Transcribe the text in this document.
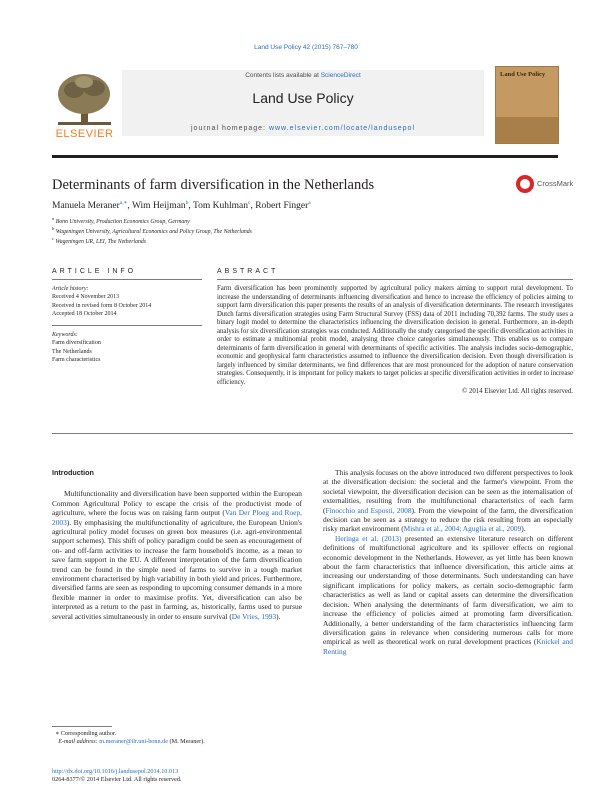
Land Use Policy 42 (2015) 767–780
ELSEVIER
Contents lists available at ScienceDirect
Land Use Policy
journal homepage: www.elsevier.com/locate/landusepol
Land Use Policy
Determinants of farm diversification in the Netherlands	CrossMark
Manuela Meraner$^{a,∗}$, Wim Heijman$^b$, Tom Kuhlman$^c$, Robert Finger$^a$
$^a$ Bonn University, Production Economics Group, Germany
$^b$ Wageningen University, Agricultural Economics and Policy Group, The Netherlands
$^c$ Wageningen UR, LEI, The Netherlands
ARTICLE INFO	ABSTRACT
Article history:
Received 4 November 2013
Received in revised form 8 October 2014
Accepted 18 October 2014
Keywords:
Farm diversification
The Netherlands
Farm characteristics
Farm diversification has been prominently supported by agricultural policy makers aiming to support rural development. To increase the understanding of determinants influencing diversification and hence to increase the efficiency of policies aiming to support farm diversification this paper presents the results of an analysis of diversification determinants. The research investigates Dutch farms diversification strategies using Farm Structural Survey (FSS) data of 2011 including 70,392 farms. The study uses a binary logit model to determine the characteristics influencing the diversification decision in general. Furthermore, an in-depth analysis for six diversification strategies was conducted. Additionally the study categorised the specific diversification activities in order to estimate a multinomial probit model, analysing three choice categories simultaneously. This enables us to compare determinants of farm diversification in general with determinants of specific activities. The analysis includes socio-demographic, economic and geophysical farm characteristics assumed to influence the diversification decision. Even though diversification is largely influenced by similar determinants, we find differences that are most pronounced for the adoption of nature conservation strategies. Consequently, it is important for policy makers to target policies at specific diversification activities in order to increase efficiency.
© 2014 Elsevier Ltd. All rights reserved.

Introduction

Multifunctionality and diversification have been supported within the European Common Agricultural Policy to escape the crisis of the productivist mode of agriculture, where the focus was on raising farm output (Van Der Ploeg and Roep, 2003). By emphasising the multifunctionality of agriculture, the European Union's agricultural policy model focuses on green box measures (i.e. agri-environmental support schemes). This shift of policy paradigm could be seen as encouragement of on- and off-farm activities to increase the farm household's income, as a mean to save farm support in the EU. A different interpretation of the farm diversification trend can be found in the simple need of farms to survive in a tough market environment characterised by high variability in both yield and prices. Furthermore, diversified farms are seen as responding to upcoming consumer demands in a more flexible manner in order to maximise profits. Yet, diversification can also be interpreted as a return to the past in farming, as, historically, farms used to pursue several activities simultaneously in order to ensure survival (De Vries, 1993).

This analysis focuses on the above introduced two different perspectives to look at the diversification decision: the societal and the farmer's viewpoint. From the societal viewpoint, the diversification decision can be seen as the internalisation of externalities, resulting from the multifunctional characteristics of each farm (Finocchio and Esposti, 2008). From the viewpoint of the farm, the diversification decision can be seen as a strategy to reduce the risk resulting from an especially risky market environment (Mishra et al., 2004; Aguglia et al., 2009).

Heringa et al. (2013) presented an extensive literature research on different definitions of multifunctional agriculture and its spillover effects on regional economic development in the Netherlands. However, as yet little has been known about the farm characteristics that influence diversification, this article aims at increasing our understanding of those determinants. Such understanding can have significant implications for policy makers, as certain socio-demographic farm characteristics as well as land or capital assets can determine the diversification decision. When analysing the determinants of farm diversification, we aim to increase the efficiency of policies aimed at promoting farm diversification. Additionally, a better understanding of the farm characteristics influencing farm diversification gains in relevance when considering numerous calls for more empirical as well as theoretical work on rural development practices (Knickel and Renting

∗ Corresponding author.
E-mail address: m.meraner@ilr.uni-bonn.de (M. Meraner).
http://dx.doi.org/10.1016/j.landusepol.2014.10.013
0264-8377/© 2014 Elsevier Ltd. All rights reserved.
